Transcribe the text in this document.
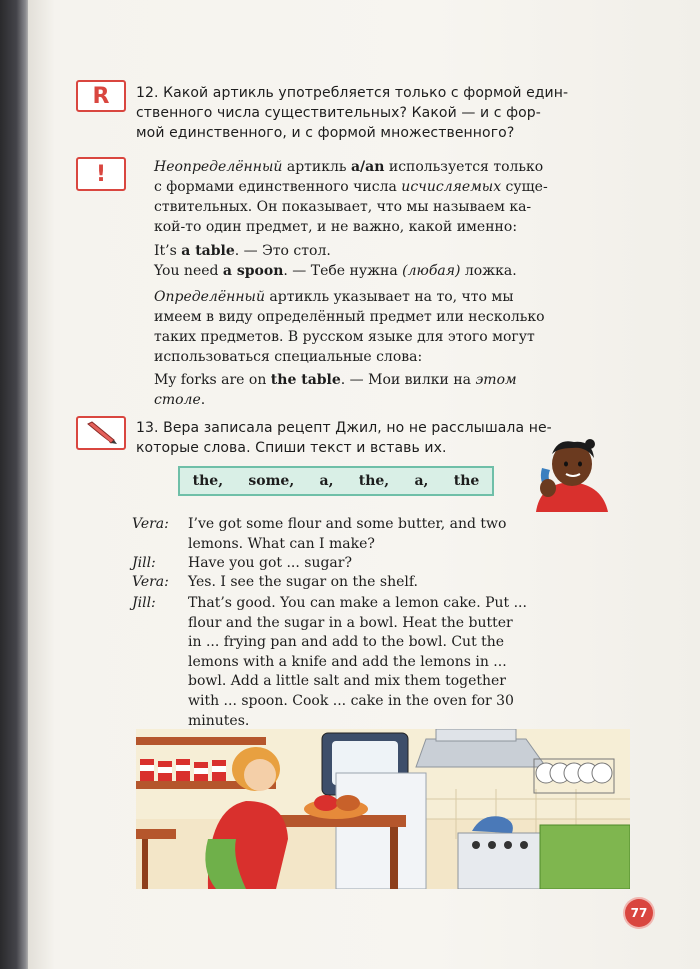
R 12. Какой артикль употребляется только с формой един-
ственного числа существительных? Какой — и с фор-
мой единственного, и с формой множественного?
!	Неопределённый артикль a/an используется только
с формами единственного числа исчисляемых суще-
ствительных. Он показывает, что мы называем ка-
кой-то один предмет, и не важно, какой именно:
It’s a table. — Это стол.
You need a spoon. — Тебе нужна (любая) ложка.
Определённый артикль указывает на то, что мы
имеем в виду определённый предмет или несколько
таких предметов. В русском языке для этого могут
использоваться специальные слова:
My forks are on the table. — Мои вилки на этом
столе.
13. Вера записала рецепт Джил, но не расслышала не-
которые слова. Спиши текст и вставь их.
the, some, a, the, a, the
Vera: I’ve got some flour and some butter, and two
lemons. What can I make?
Jill: Have you got ... sugar?
Vera: Yes. I see the sugar on the shelf.
Jill: That’s good. You can make a lemon cake. Put ...
flour and the sugar in a bowl. Heat the butter
in ... frying pan and add to the bowl. Cut the
lemons with a knife and add the lemons in ...
bowl. Add a little salt and mix them together
with ... spoon. Cook ... cake in the oven for 30
minutes.
77
